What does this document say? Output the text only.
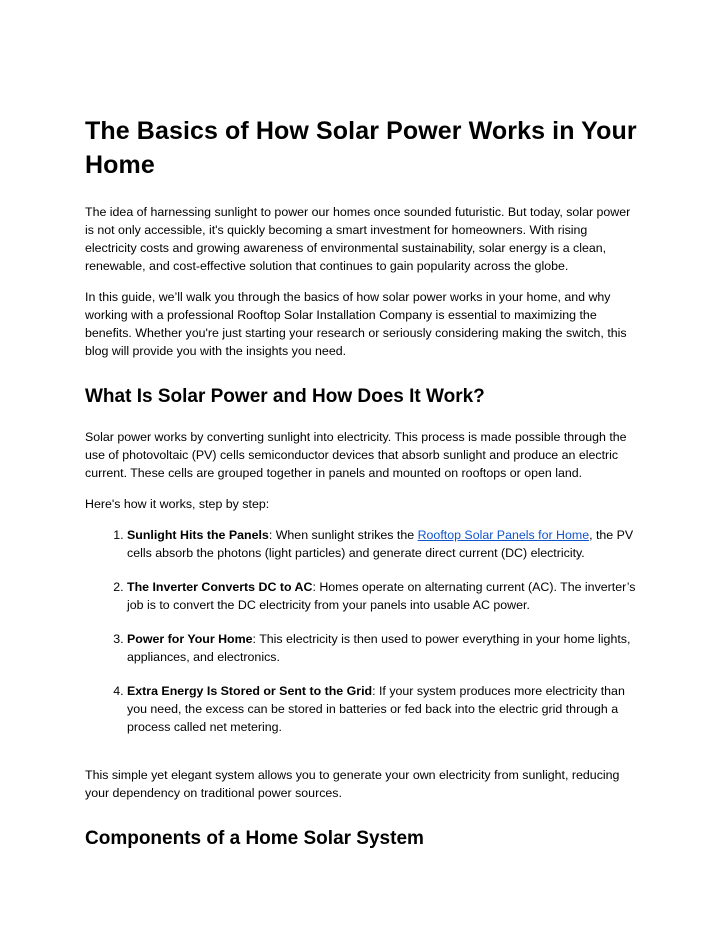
The Basics of How Solar Power Works in Your Home

The idea of harnessing sunlight to power our homes once sounded futuristic. But today, solar power is not only accessible, it's quickly becoming a smart investment for homeowners. With rising electricity costs and growing awareness of environmental sustainability, solar energy is a clean, renewable, and cost-effective solution that continues to gain popularity across the globe.

In this guide, we’ll walk you through the basics of how solar power works in your home, and why working with a professional Rooftop Solar Installation Company is essential to maximizing the benefits. Whether you're just starting your research or seriously considering making the switch, this blog will provide you with the insights you need.

What Is Solar Power and How Does It Work?

Solar power works by converting sunlight into electricity. This process is made possible through the use of photovoltaic (PV) cells semiconductor devices that absorb sunlight and produce an electric current. These cells are grouped together in panels and mounted on rooftops or open land.

Here's how it works, step by step:

1. Sunlight Hits the Panels: When sunlight strikes the Rooftop Solar Panels for Home, the PV cells absorb the photons (light particles) and generate direct current (DC) electricity.
2. The Inverter Converts DC to AC: Homes operate on alternating current (AC). The inverter’s job is to convert the DC electricity from your panels into usable AC power.
3. Power for Your Home: This electricity is then used to power everything in your home lights, appliances, and electronics.
4. Extra Energy Is Stored or Sent to the Grid: If your system produces more electricity than you need, the excess can be stored in batteries or fed back into the electric grid through a process called net metering.

This simple yet elegant system allows you to generate your own electricity from sunlight, reducing your dependency on traditional power sources.

Components of a Home Solar System
